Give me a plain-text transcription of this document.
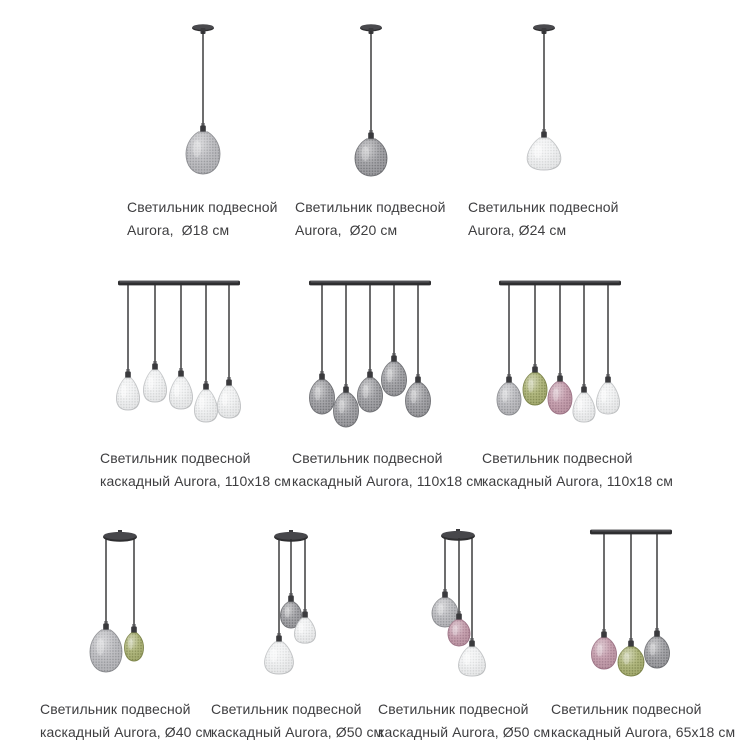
Светильник подвесной
Aurora,  Ø18 см
Светильник подвесной
Aurora,  Ø20 см
Светильник подвесной
Aurora, Ø24 см
Светильник подвесной
каскадный Aurora, 110x18 см
Светильник подвесной
каскадный Aurora, 110x18 см
Светильник подвесной
каскадный Aurora, 110x18 см
Светильник подвесной
каскадный Aurora, Ø40 см
Светильник подвесной
каскадный Aurora, Ø50 см
Светильник подвесной
каскадный Aurora, Ø50 см
Светильник подвесной
каскадный Aurora, 65x18 см
